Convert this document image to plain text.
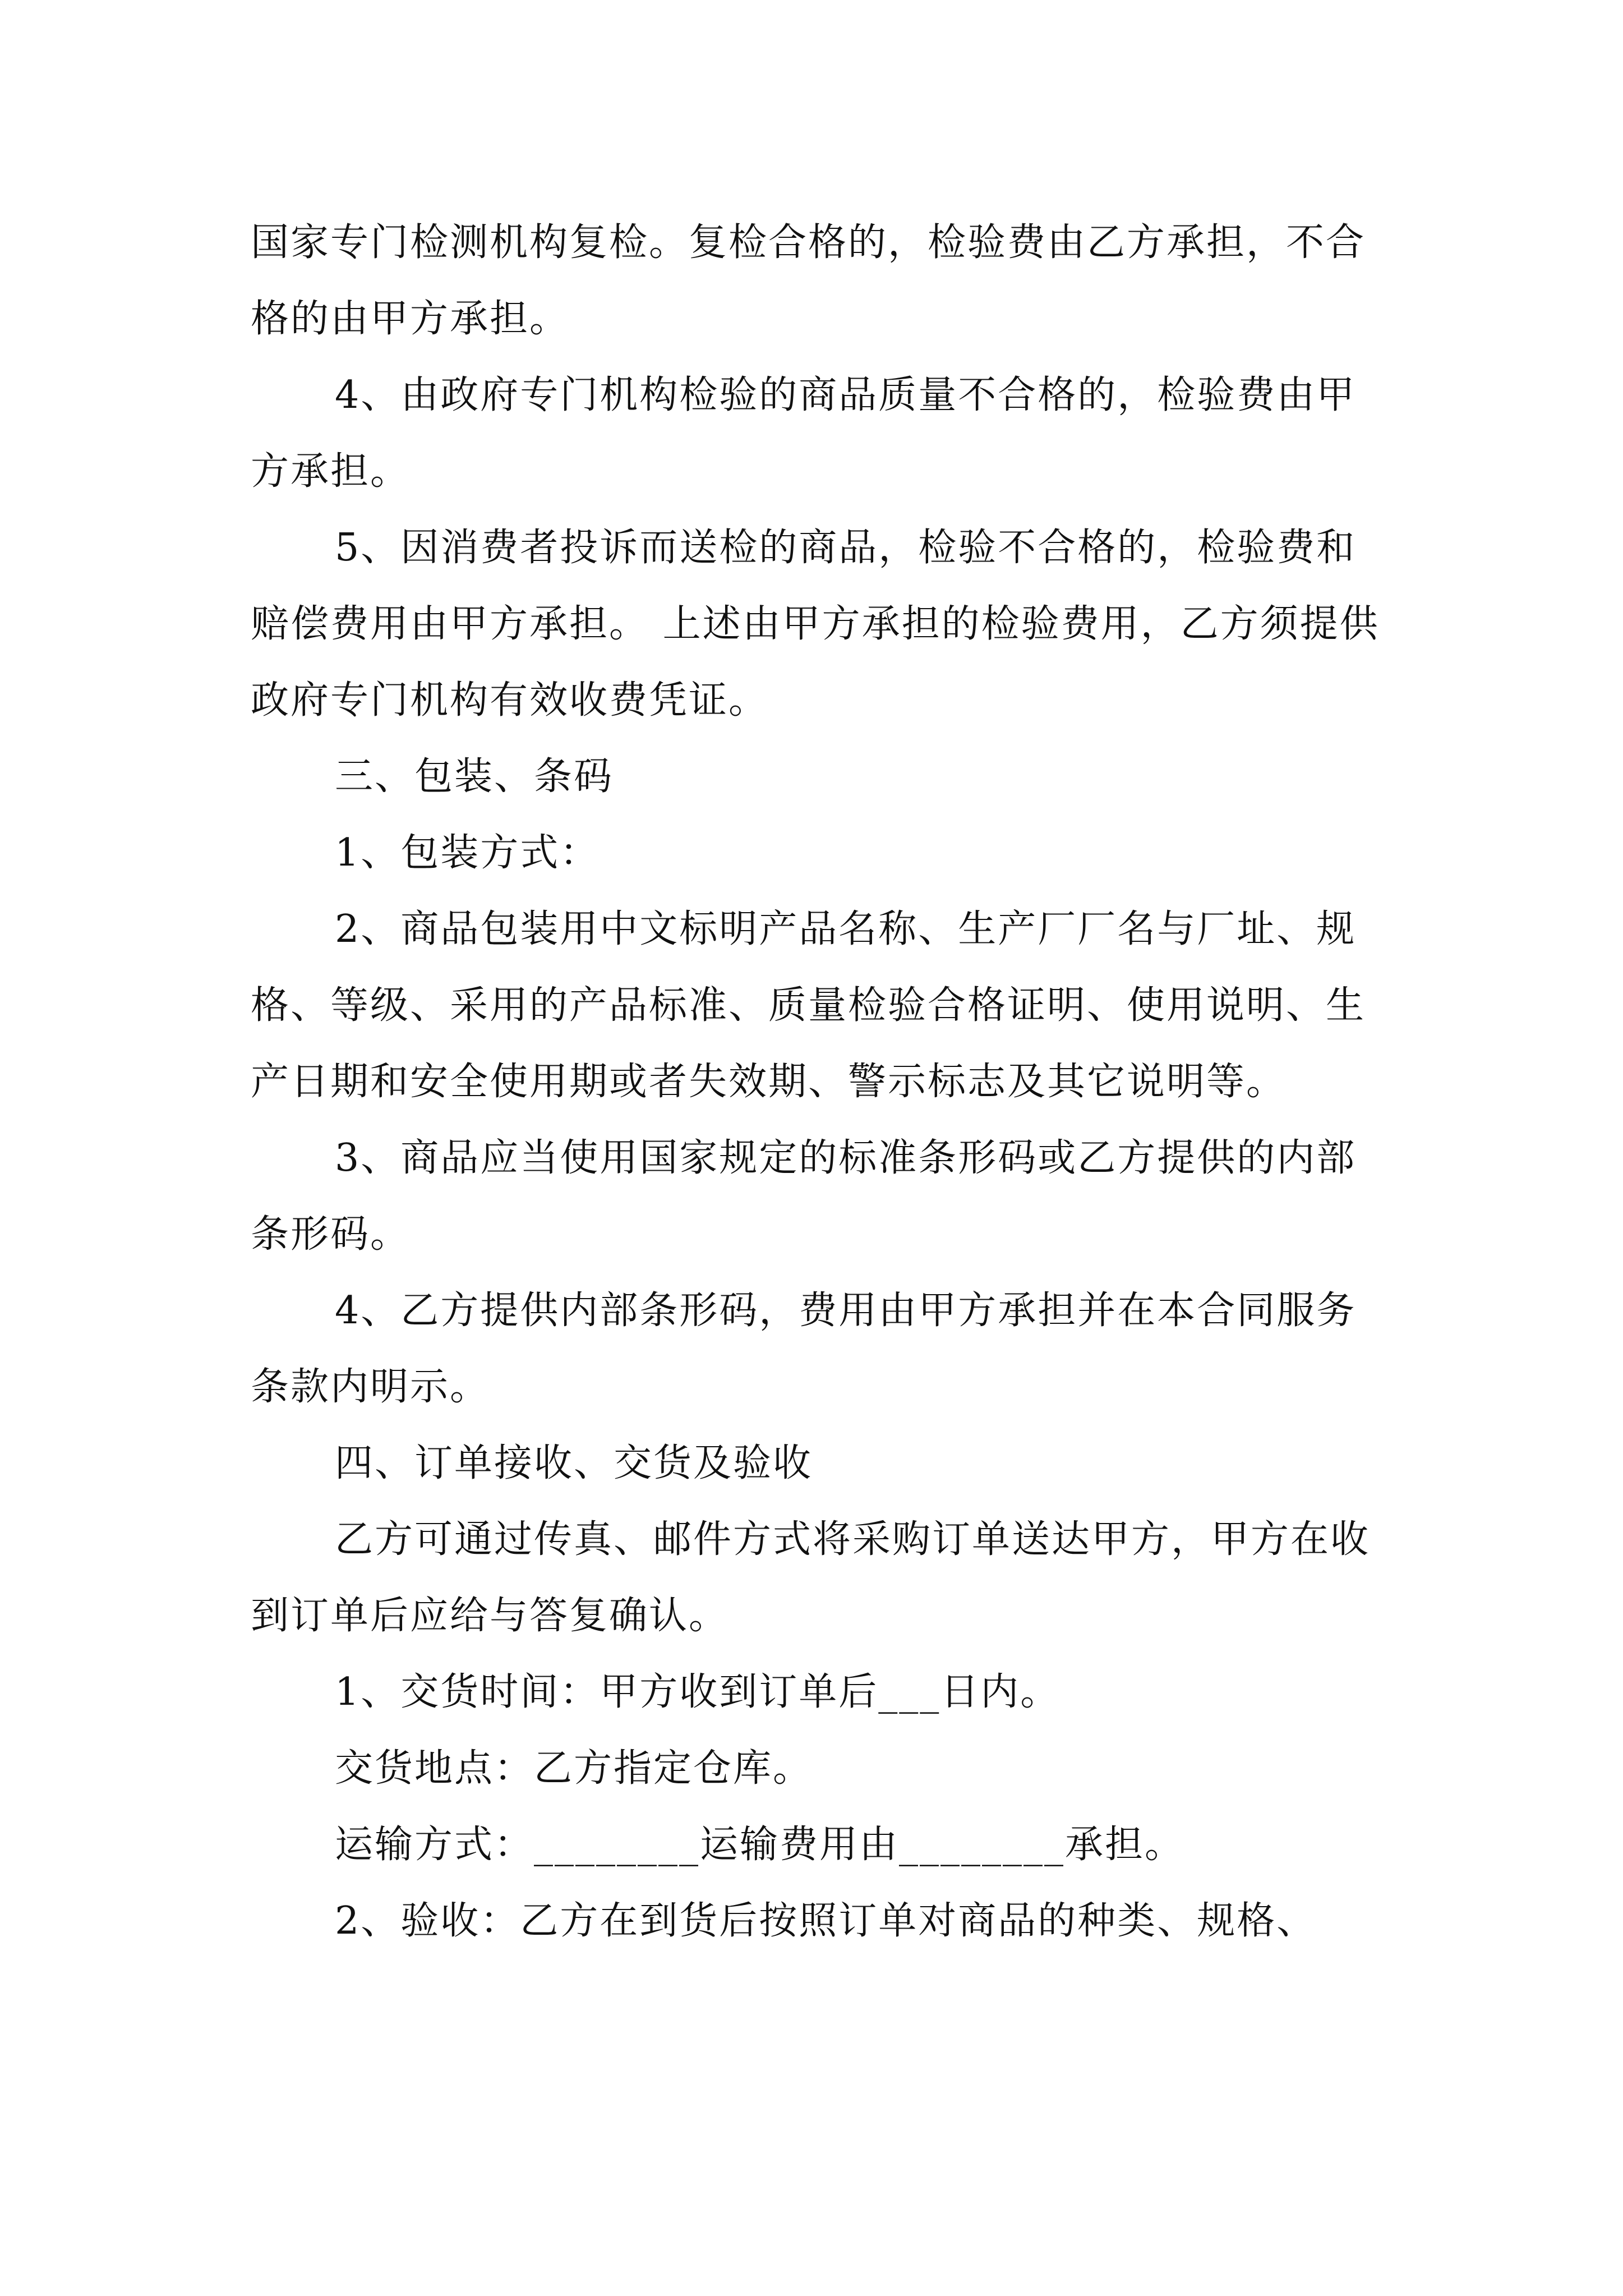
国家专门检测机构复检。复检合格的，检验费由乙方承担，不合格的由甲方承担。

4、由政府专门机构检验的商品质量不合格的，检验费由甲方承担。

5、因消费者投诉而送检的商品，检验不合格的，检验费和赔偿费用由甲方承担。 上述由甲方承担的检验费用，乙方须提供政府专门机构有效收费凭证。

三、包装、条码

1、包装方式：

2、商品包装用中文标明产品名称、生产厂厂名与厂址、规格、等级、采用的产品标准、质量检验合格证明、使用说明、生产日期和安全使用期或者失效期、警示标志及其它说明等。

3、商品应当使用国家规定的标准条形码或乙方提供的内部条形码。

4、乙方提供内部条形码，费用由甲方承担并在本合同服务条款内明示。

四、订单接收、交货及验收

乙方可通过传真、邮件方式将采购订单送达甲方，甲方在收到订单后应给与答复确认。

1、交货时间：甲方收到订单后___日内。

交货地点：乙方指定仓库。

运输方式：________运输费用由________承担。

2、验收：乙方在到货后按照订单对商品的种类、规格、
